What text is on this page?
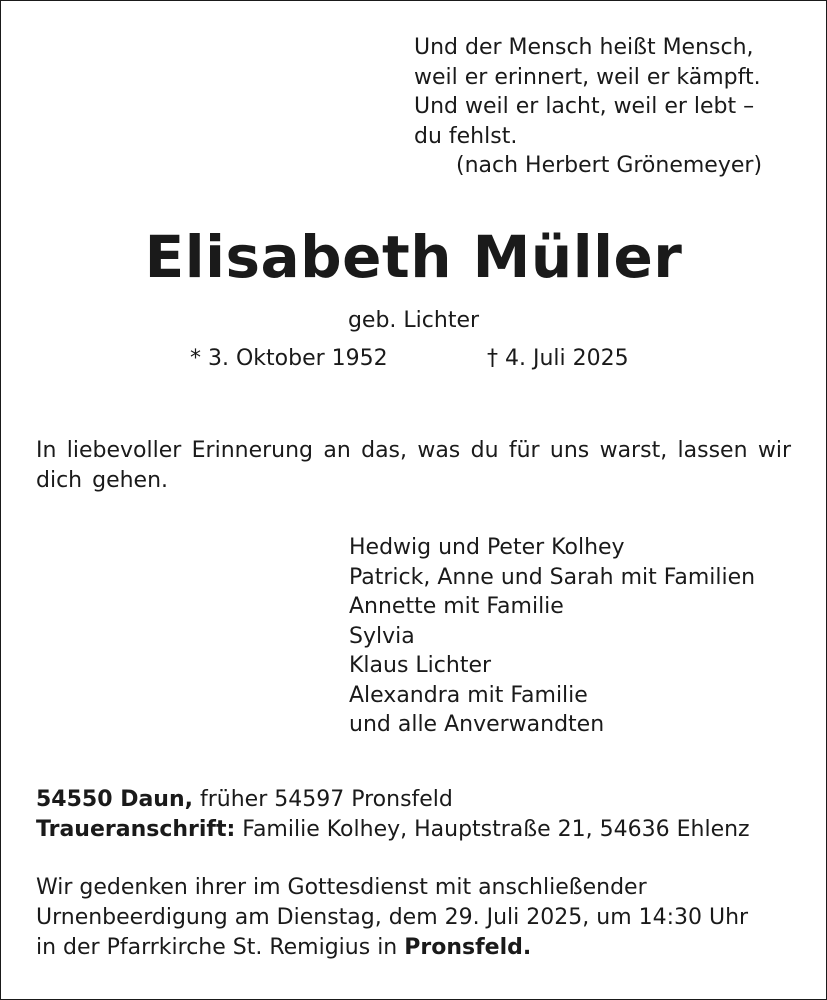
Und der Mensch heißt Mensch,
weil er erinnert, weil er kämpft.
Und weil er lacht, weil er lebt –
du fehlst.
(nach Herbert Grönemeyer)
Elisabeth Müller
geb. Lichter
* 3. Oktober 1952	† 4. Juli 2025
In liebevoller Erinnerung an das, was du für uns warst, lassen wir dich gehen.
Hedwig und Peter Kolhey
Patrick, Anne und Sarah mit Familien
Annette mit Familie
Sylvia
Klaus Lichter
Alexandra mit Familie
und alle Anverwandten
54550 Daun, früher 54597 Pronsfeld
Traueranschrift: Familie Kolhey, Hauptstraße 21, 54636 Ehlenz
Wir gedenken ihrer im Gottesdienst mit anschließender
Urnenbeerdigung am Dienstag, dem 29. Juli 2025, um 14:30 Uhr
in der Pfarrkirche St. Remigius in Pronsfeld.
